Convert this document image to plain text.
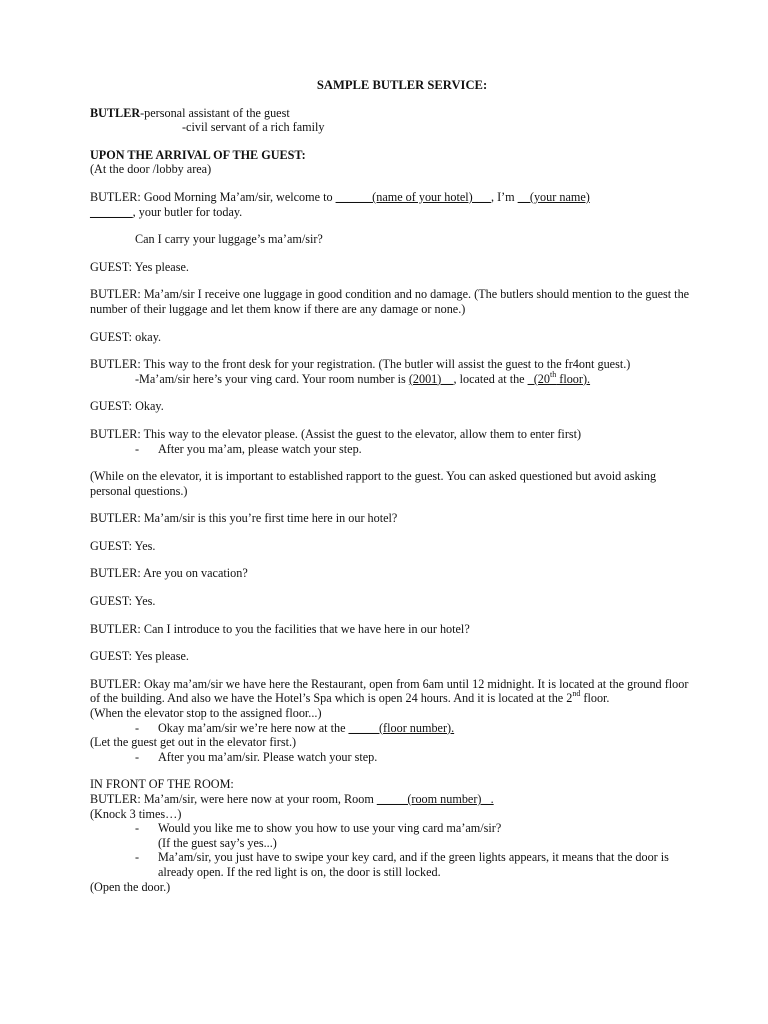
SAMPLE BUTLER SERVICE:

BUTLER-personal assistant of the guest

-civil servant of a rich family

UPON THE ARRIVAL OF THE GUEST:

(At the door /lobby area)

BUTLER: Good Morning Ma’am/sir, welcome to ______(name of your hotel)___, I’m __(your name)
_______, your butler for today.

Can I carry your luggage’s ma’am/sir?

GUEST: Yes please.

BUTLER: Ma’am/sir I receive one luggage in good condition and no damage. (The butlers should mention to the guest the number of their luggage and let them know if there are any damage or none.)

GUEST: okay.

BUTLER: This way to the front desk for your registration. (The butler will assist the guest to the fr4ont guest.)

-Ma’am/sir here’s your ving card. Your room number is (2001)__, located at the _(20th floor).

GUEST: Okay.

BUTLER: This way to the elevator please. (Assist the guest to the elevator, allow them to enter first)

-	After you ma’am, please watch your step.

(While on the elevator, it is important to established rapport to the guest. You can asked questioned but avoid asking personal questions.)

BUTLER: Ma’am/sir is this you’re first time here in our hotel?

GUEST: Yes.

BUTLER: Are you on vacation?

GUEST: Yes.

BUTLER: Can I introduce to you the facilities that we have here in our hotel?

GUEST: Yes please.

BUTLER: Okay ma’am/sir we have here the Restaurant, open from 6am until 12 midnight. It is located at the ground floor of the building. And also we have the Hotel’s Spa which is open 24 hours. And it is located at the 2nd floor.

(When the elevator stop to the assigned floor...)

-	Okay ma’am/sir we’re here now at the _____(floor number).

(Let the guest get out in the elevator first.)

-	After you ma’am/sir. Please watch your step.

IN FRONT OF THE ROOM:

BUTLER: Ma’am/sir, were here now at your room, Room _____(room number)_ .

(Knock 3 times…)

-	Would you like me to show you how to use your ving card ma’am/sir?

(If the guest say’s yes...)

-	Ma’am/sir, you just have to swipe your key card, and if the green lights appears, it means that the door is already open. If the red light is on, the door is still locked.

(Open the door.)
